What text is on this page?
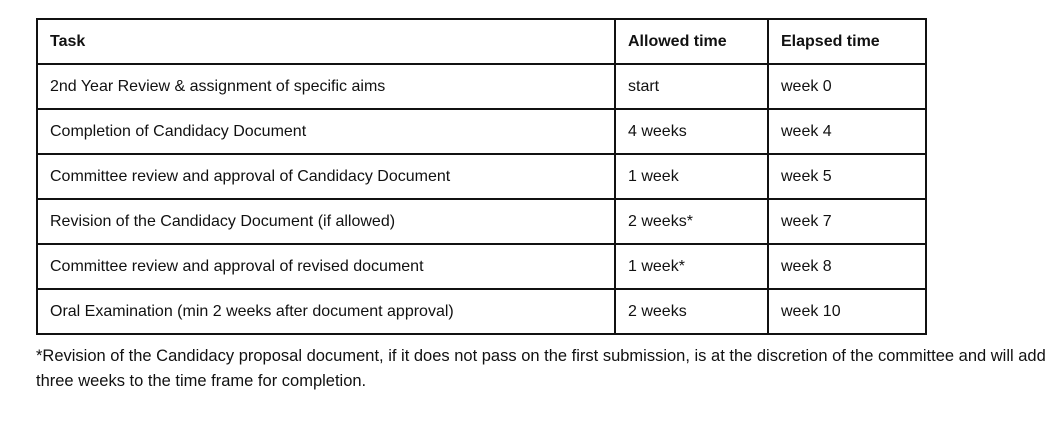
Task	Allowed time	Elapsed time
2nd Year Review & assignment of specific aims	start	week 0
Completion of Candidacy Document	4 weeks	week 4
Committee review and approval of Candidacy Document	1 week	week 5
Revision of the Candidacy Document (if allowed)	2 weeks*	week 7
Committee review and approval of revised document	1 week*	week 8
Oral Examination (min 2 weeks after document approval)	2 weeks	week 10

*Revision of the Candidacy proposal document, if it does not pass on the first submission, is at the discretion of the committee and will add three weeks to the time frame for completion.
